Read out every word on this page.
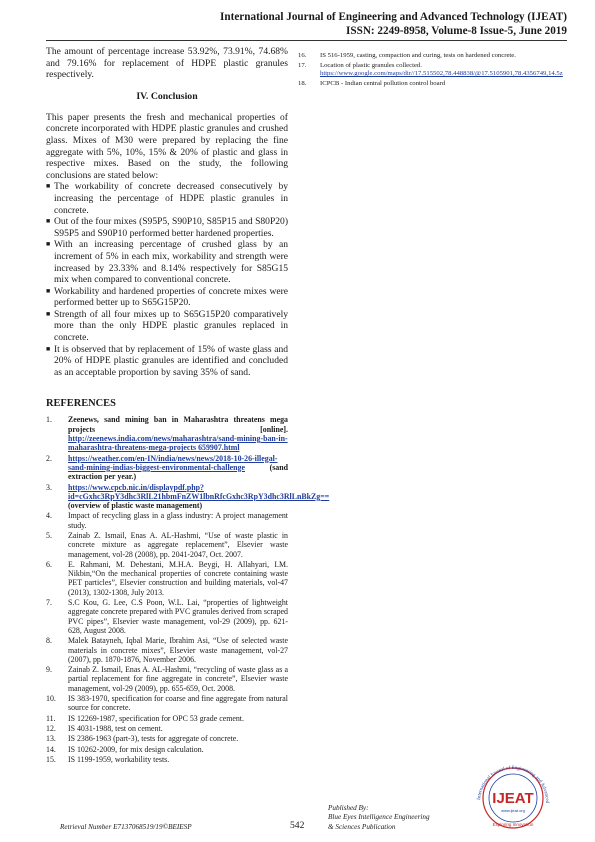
International Journal of Engineering and Advanced Technology (IJEAT)
ISSN: 2249-8958, Volume-8 Issue-5, June 2019

The amount of percentage increase 53.92%, 73.91%, 74.68% and 79.16% for replacement of HDPE plastic granules respectively.

IV. Conclusion

This paper presents the fresh and mechanical properties of concrete incorporated with HDPE plastic granules and crushed glass. Mixes of M30 were prepared by replacing the fine aggregate with 5%, 10%, 15% & 20% of plastic and glass in respective mixes. Based on the study, the following conclusions are stated below:

■ The workability of concrete decreased consecutively by increasing the percentage of HDPE plastic granules in concrete.

■ Out of the four mixes (S95P5, S90P10, S85P15 and S80P20) S95P5 and S90P10 performed better hardened properties.

■ With an increasing percentage of crushed glass by an increment of 5% in each mix, workability and strength were increased by 23.33% and 8.14% respectively for S85G15 mix when compared to conventional concrete.

■ Workability and hardened properties of concrete mixes were performed better up to S65G15P20.

■ Strength of all four mixes up to S65G15P20 comparatively more than the only HDPE plastic granules replaced in concrete.

■ It is observed that by replacement of 15% of waste glass and 20% of HDPE plastic granules are identified and concluded as an acceptable proportion by saving 35% of sand.

REFERENCES
1.	Zeenews, sand mining ban in Maharashtra threatens mega projects [online]. http://zeenews.india.com/news/maharashtra/sand-mining-ban-in-maharashtra-threatens-mega-projects 659907.html
2.	https://weather.com/en-IN/india/news/news/2018-10-26-illegal-sand-mining-indias-biggest-environmental-challenge	(sand extraction per year.)
3.	https://www.cpcb.nic.in/displaypdf.php?id=cGxhc3RpY3dhc3RlL21hbmFnZW1lbnRfcGxhc3RpY3dhc3RlLnBkZg== (overview of plastic waste management)
4.	Impact of recycling glass in a glass industry: A project management study.
5.	Zainab Z. Ismail, Enas A. AL-Hashmi, “Use of waste plastic in concrete mixture as aggregate replacement”, Elsevier waste management, vol-28 (2008), pp. 2041-2047, Oct. 2007.
6.	E. Rahmani, M. Dehestani, M.H.A. Beygi, H. Allahyari, I.M. Nikbin,“On the mechanical properties of concrete containing waste PET particles”, Elsevier construction and building materials, vol-47 (2013), 1302-1308, July 2013.
7.	S.C Kou, G. Lee, C.S Poon, W.L. Lai, “properties of lightweight aggregate concrete prepared with PVC granules derived from scraped PVC pipes”, Elsevier waste management, vol-29 (2009), pp. 621-628, August 2008.
8.	Malek Batayneh, Iqbal Marie, Ibrahim Asi, “Use of selected waste materials in concrete mixes”, Elsevier waste management, vol-27 (2007), pp. 1870-1876, November 2006.
9.	Zainab Z. Ismail, Enas A. AL-Hashmi, “recycling of waste glass as a partial replacement for fine aggregate in concrete”, Elsevier waste management, vol-29 (2009), pp. 655-659, Oct. 2008.
10.	IS 383-1970, specification for coarse and fine aggregate from natural source for concrete.
11.	IS 12269-1987, specification for OPC 53 grade cement.
12.	IS 4031-1988, test on cement.
13.	IS 2386-1963 (part-3), tests for aggregate of concrete.
14.	IS 10262-2009, for mix design calculation.
15.	IS 1199-1959, workability tests.
16.	IS 516-1959, casting, compaction and curing, tests on hardened concrete.
17.	Location of plastic granules collected.
https://www.google.com/maps/dir//17.515502,78.448838/@17.5105901,78.4356749,14.5z
18.	ICPCB - Indian central pollution control board
Retrieval Number E7137068519/19©BEIESP	542
Published By:
Blue Eyes Intelligence Engineering
& Sciences Publication
International Journal of Engineering and Advanced
IJEAT
www.ijeat.org
Exploring Innovation
